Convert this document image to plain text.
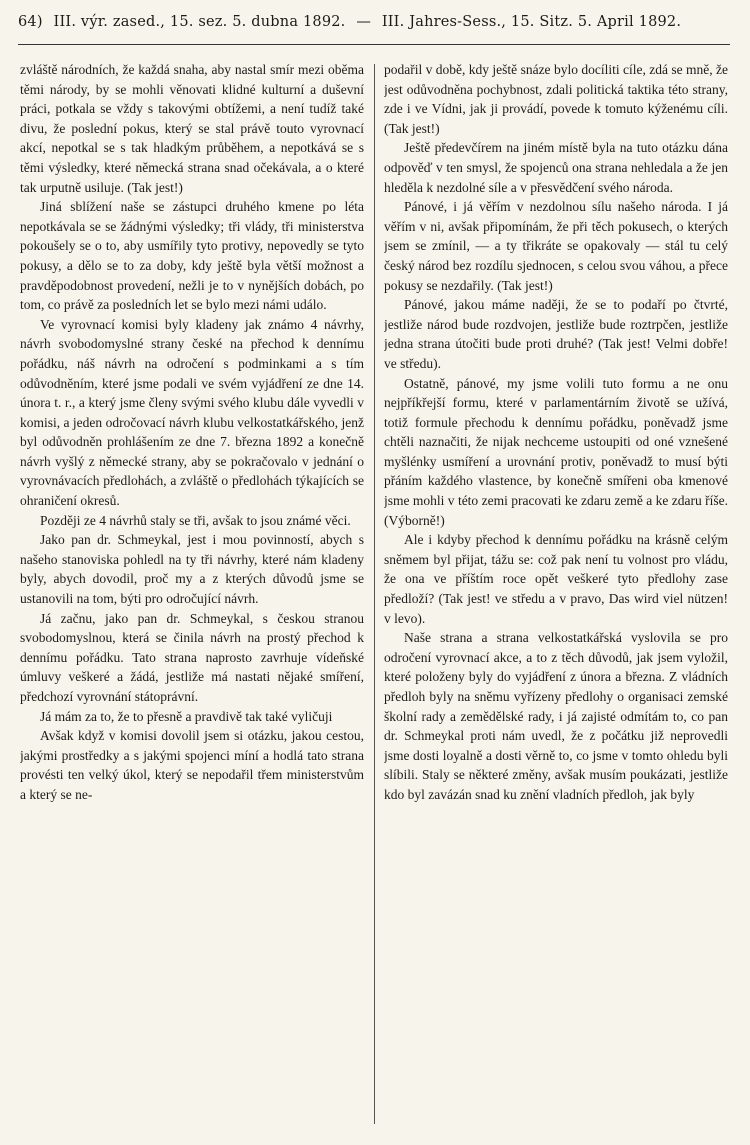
64) III. výr. zased., 15. sez. 5. dubna 1892. — III. Jahres-Sess., 15. Sitz. 5. April 1892.

zvláště národních, že každá snaha, aby nastal smír mezi oběma těmi národy, by se mohli věnovati klidné kulturní a duševní práci, potkala se vždy s takovými obtížemi, a není tudíž také divu, že poslední pokus, který se stal právě touto vyrovnací akcí, nepotkal se s tak hladkým průběhem, a nepotkává se s těmi výsledky, které německá strana snad očekávala, a o které tak urputně usiluje. (Tak jest!)

Jiná sblížení naše se zástupci druhého kmene po léta nepotkávala se se žádnými výsledky; tři vlády, tři ministerstva pokoušely se o to, aby usmířily tyto protivy, nepovedly se tyto pokusy, a dělo se to za doby, kdy ještě byla větší možnost a pravděpodobnost provedení, nežli je to v nynějších dobách, po tom, co právě za posledních let se bylo mezi námi událo.

Ve vyrovnací komisi byly kladeny jak známo 4 návrhy, návrh svobodomyslné strany české na přechod k dennímu pořádku, náš návrh na odročení s podminkami a s tím odůvodněním, které jsme podali ve svém vyjádření ze dne 14. února t. r., a který jsme členy svými svého klubu dále vyvedli v komisi, a jeden odročovací návrh klubu velkostatkářského, jenž byl odůvodněn prohlášením ze dne 7. března 1892 a konečně návrh vyšlý z německé strany, aby se pokračovalo v jednání o vyrovnávacích předlohách, a zvláště o předlohách týkajících se ohraničení okresů.

Později ze 4 návrhů staly se tři, avšak to jsou známé věci.

Jako pan dr. Schmeykal, jest i mou povinností, abych s našeho stanoviska pohledl na ty tři návrhy, které nám kladeny byly, abych dovodil, proč my a z kterých důvodů jsme se ustanovili na tom, býti pro odročující návrh.

Já začnu, jako pan dr. Schmeykal, s českou stranou svobodomyslnou, která se činila návrh na prostý přechod k dennímu pořádku. Tato strana naprosto zavrhuje vídeňské úmluvy veškeré a žádá, jestliže má nastati nějaké smíření, předchozí vyrovnání státoprávní.

Já mám za to, že to přesně a pravdivě tak také vyličuji

Avšak když v komisi dovolil jsem si otázku, jakou cestou, jakými prostředky a s jakými spojenci míní a hodlá tato strana provésti ten velký úkol, který se nepodařil třem ministerstvům a který se ne-

podařil v době, kdy ještě snáze bylo docíliti cíle, zdá se mně, že jest odůvodněna pochybnost, zdali politická taktika této strany, zde i ve Vídni, jak ji provádí, povede k tomuto kýženému cíli. (Tak jest!)

Ještě předevčírem na jiném místě byla na tuto otázku dána odpověď v ten smysl, že spojenců ona strana nehledala a že jen hleděla k nezdolné síle a v přesvědčení svého národa.

Pánové, i já věřím v nezdolnou sílu našeho národa. I já věřím v ni, avšak připomínám, že při těch pokusech, o kterých jsem se zmínil, — a ty třikráte se opakovaly — stál tu celý český národ bez rozdílu sjednocen, s celou svou váhou, a přece pokusy se nezdařily. (Tak jest!)

Pánové, jakou máme naději, že se to podaří po čtvrté, jestliže národ bude rozdvojen, jestliže bude roztrpčen, jestliže jedna strana útočiti bude proti druhé? (Tak jest! Velmi dobře! ve středu).

Ostatně, pánové, my jsme volili tuto formu a ne onu nejpříkřejší formu, které v parlamentárním životě se užívá, totiž formule přechodu k dennímu pořádku, poněvadž jsme chtěli naznačiti, že nijak nechceme ustoupiti od oné vznešené myšlénky usmíření a urovnání protiv, poněvadž to musí býti přáním každého vlastence, by konečně smířeni oba kmenové jsme mohli v této zemi pracovati ke zdaru země a ke zdaru říše. (Výborně!)

Ale i kdyby přechod k dennímu pořádku na krásně celým sněmem byl přijat, tážu se: což pak není tu volnost pro vládu, že ona ve příštím roce opět veškeré tyto předlohy zase předloží? (Tak jest! ve středu a v pravo, Das wird viel nützen! v levo).

Naše strana a strana velkostatkářská vyslovila se pro odročení vyrovnací akce, a to z těch důvodů, jak jsem vyložil, které položeny byly do vyjádření z února a března. Z vládních předloh byly na sněmu vyřízeny předlohy o organisaci zemské školní rady a zemědělské rady, i já zajisté odmítám to, co pan dr. Schmeykal proti nám uvedl, že z počátku již neprovedli jsme dosti loyalně a dosti věrně to, co jsme v tomto ohledu byli slíbili. Staly se některé změny, avšak musím poukázati, jestliže kdo byl zavázán snad ku znění vladních předloh, jak byly
